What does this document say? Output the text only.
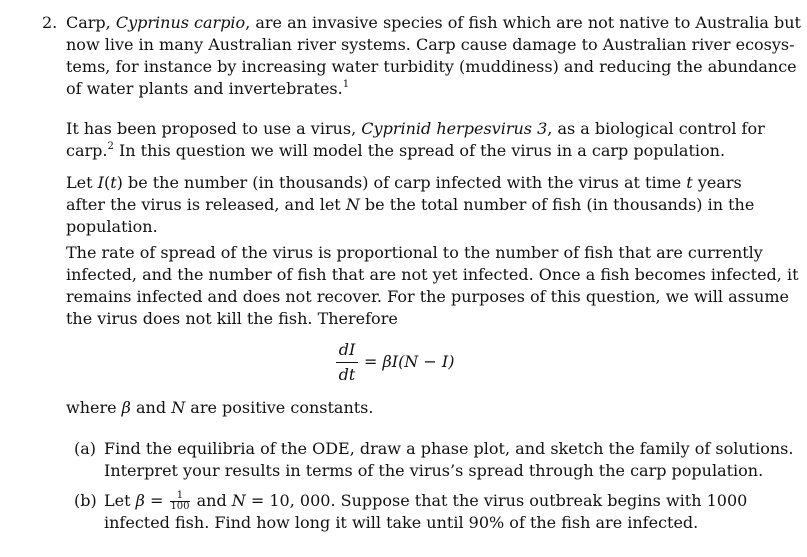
2. Carp, Cyprinus carpio, are an invasive species of fish which are not native to Australia but
now live in many Australian river systems. Carp cause damage to Australian river ecosys-
tems, for instance by increasing water turbidity (muddiness) and reducing the abundance
of water plants and invertebrates.$^1$
It has been proposed to use a virus, Cyprinid herpesvirus 3, as a biological control for
carp.$^2$ In this question we will model the spread of the virus in a carp population.
Let I(t) be the number (in thousands) of carp infected with the virus at time t years
after the virus is released, and let N be the total number of fish (in thousands) in the
population.
The rate of spread of the virus is proportional to the number of fish that are currently
infected, and the number of fish that are not yet infected. Once a fish becomes infected, it
remains infected and does not recover. For the purposes of this question, we will assume
the virus does not kill the fish. Therefore
dI
dt
= βI(N − I)
where β and N are positive constants.
(a) Find the equilibria of the ODE, draw a phase plot, and sketch the family of solutions.
Interpret your results in terms of the virus’s spread through the carp population.
(b) Let $\beta = \frac{1}{100}$ and N = 10, 000. Suppose that the virus outbreak begins with 1000
infected fish. Find how long it will take until 90% of the fish are infected.
